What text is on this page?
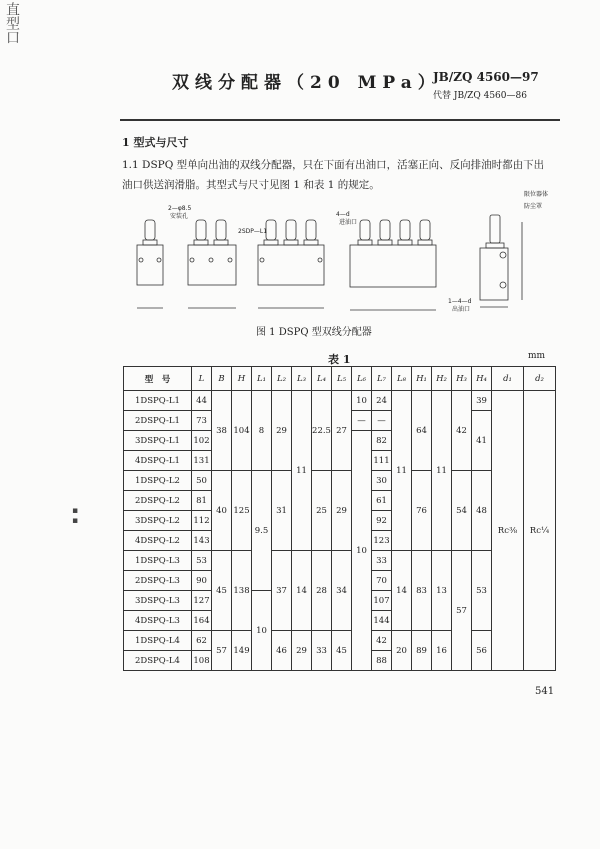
直型口
双线分配器（20 MPa）
JB/ZQ 4560—97
代替 JB/ZQ 4560—86
1 型式与尺寸
1.1 DSPQ 型单向出油的双线分配器，只在下面有出油口，活塞正向、反向排油时都由下出油口供送润滑脂。其型式与尺寸见图 1 和表 1 的规定。
2—φ8.5
安装孔
2SDP—L1
4—d
进油口
限位器体
防尘罩
1—4—d
出油口
图 1 DSPQ 型双线分配器
表 1	mm
型　号	L	B	H	L₁	L₂	L₃	L₄	L₅	L₆	L₇	L₈	H₁	H₂	H₃	H₄	d₁	d₂
1DSPQ-L1	44	38	104	8	29	11	22.5	27	10	24	11	64	11	42	39	Rc⅜	Rc¼
2DSPQ-L1	73								—	—					41		
3DSPQ-L1	102								10	82							
4DSPQ-L1	131									111							
1DSPQ-L2	50	40	125	9.5	31		25	29		30		76		54	48		
2DSPQ-L2	81									61							
3DSPQ-L2	112									92							
4DSPQ-L2	143									123							
1DSPQ-L3	53	45	138		37	14	28	34		33	14	83	13	57	53		
2DSPQ-L3	90									70							
3DSPQ-L3	127			10						107							
4DSPQ-L3	164									144							
1DSPQ-L4	62	57	149		46	29	33	45		42	20	89	16		56		
2DSPQ-L4	108									88							
▪
▪
541
